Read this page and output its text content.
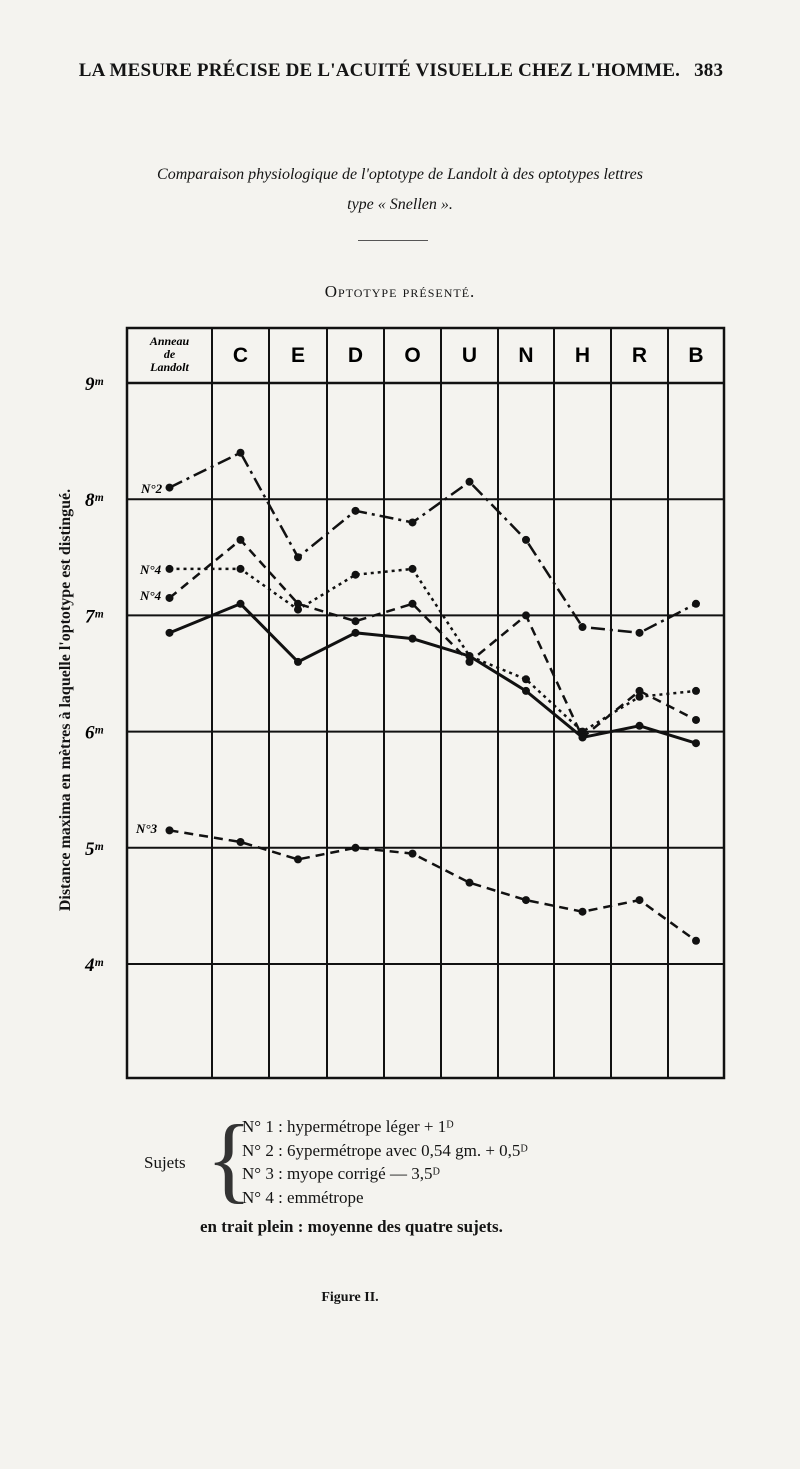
LA MESURE PRÉCISE DE L'ACUITÉ VISUELLE CHEZ L'HOMME. 383
Comparaison physiologique de l'optotype de Landolt à des optotypes lettres
type « Snellen ».
Optotype présenté.
Distance maxima en mètres à laquelle l'optotype est distingué.
Anneau
de
Landolt C E D O U N H R B
9ᵐ
8ᵐ
7ᵐ
6ᵐ
5ᵐ
4ᵐ
N°2
N°4
N°4
N°3
Sujets {
N° 1 : hypermétrope léger + 1ᴰ
N° 2 : 6ypermétrope avec 0,54 gm. + 0,5ᴰ
N° 3 : myope corrigé — 3,5ᴰ
N° 4 : emmétrope
en trait plein : moyenne des quatre sujets.
Figure II.
